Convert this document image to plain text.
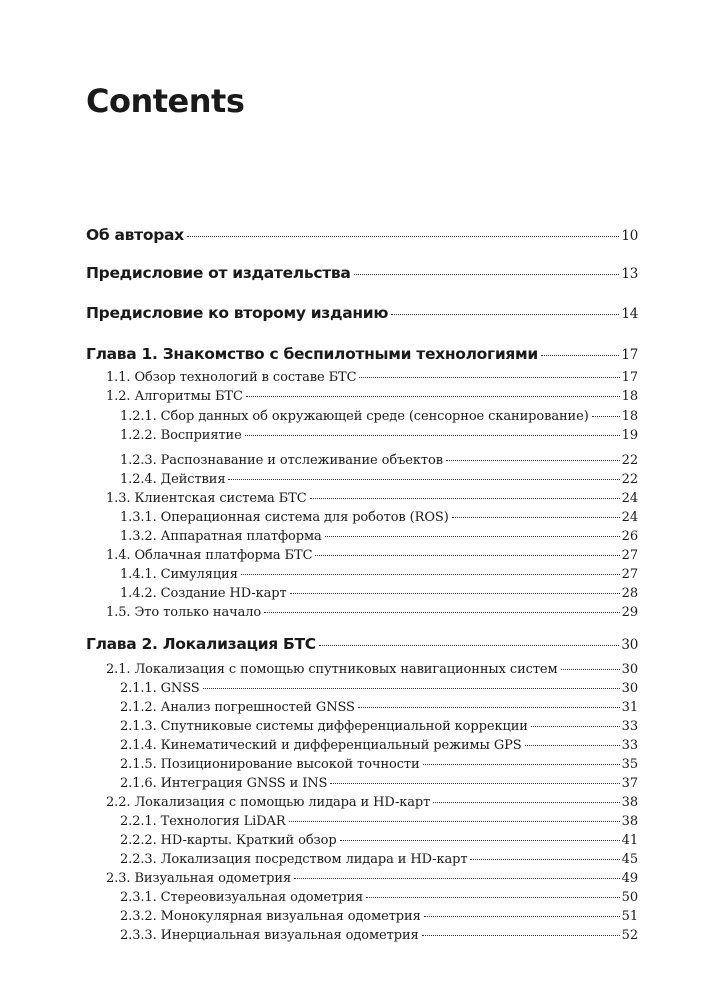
Contents
Об авторах	10
Предисловие от издательства	13
Предисловие ко второму изданию	14
Глава 1. Знакомство с беспилотными технологиями	17
1.1. Обзор технологий в составе БТС	17
1.2. Алгоритмы БТС	18
1.2.1. Сбор данных об окружающей среде (сенсорное сканирование)	18
1.2.2. Восприятие	19
1.2.3. Распознавание и отслеживание объектов	22
1.2.4. Действия	22
1.3. Клиентская система БТС	24
1.3.1. Операционная система для роботов (ROS)	24
1.3.2. Аппаратная платформа	26
1.4. Облачная платформа БТС	27
1.4.1. Симуляция	27
1.4.2. Создание HD-карт	28
1.5. Это только начало	29
Глава 2. Локализация БТС	30
2.1. Локализация с помощью спутниковых навигационных систем	30
2.1.1. GNSS	30
2.1.2. Анализ погрешностей GNSS	31
2.1.3. Спутниковые системы дифференциальной коррекции	33
2.1.4. Кинематический и дифференциальный режимы GPS	33
2.1.5. Позиционирование высокой точности	35
2.1.6. Интеграция GNSS и INS	37
2.2. Локализация с помощью лидара и HD-карт	38
2.2.1. Технология LiDAR	38
2.2.2. HD-карты. Краткий обзор	41
2.2.3. Локализация посредством лидара и HD-карт	45
2.3. Визуальная одометрия	49
2.3.1. Стереовизуальная одометрия	50
2.3.2. Монокулярная визуальная одометрия	51
2.3.3. Инерциальная визуальная одометрия	52
